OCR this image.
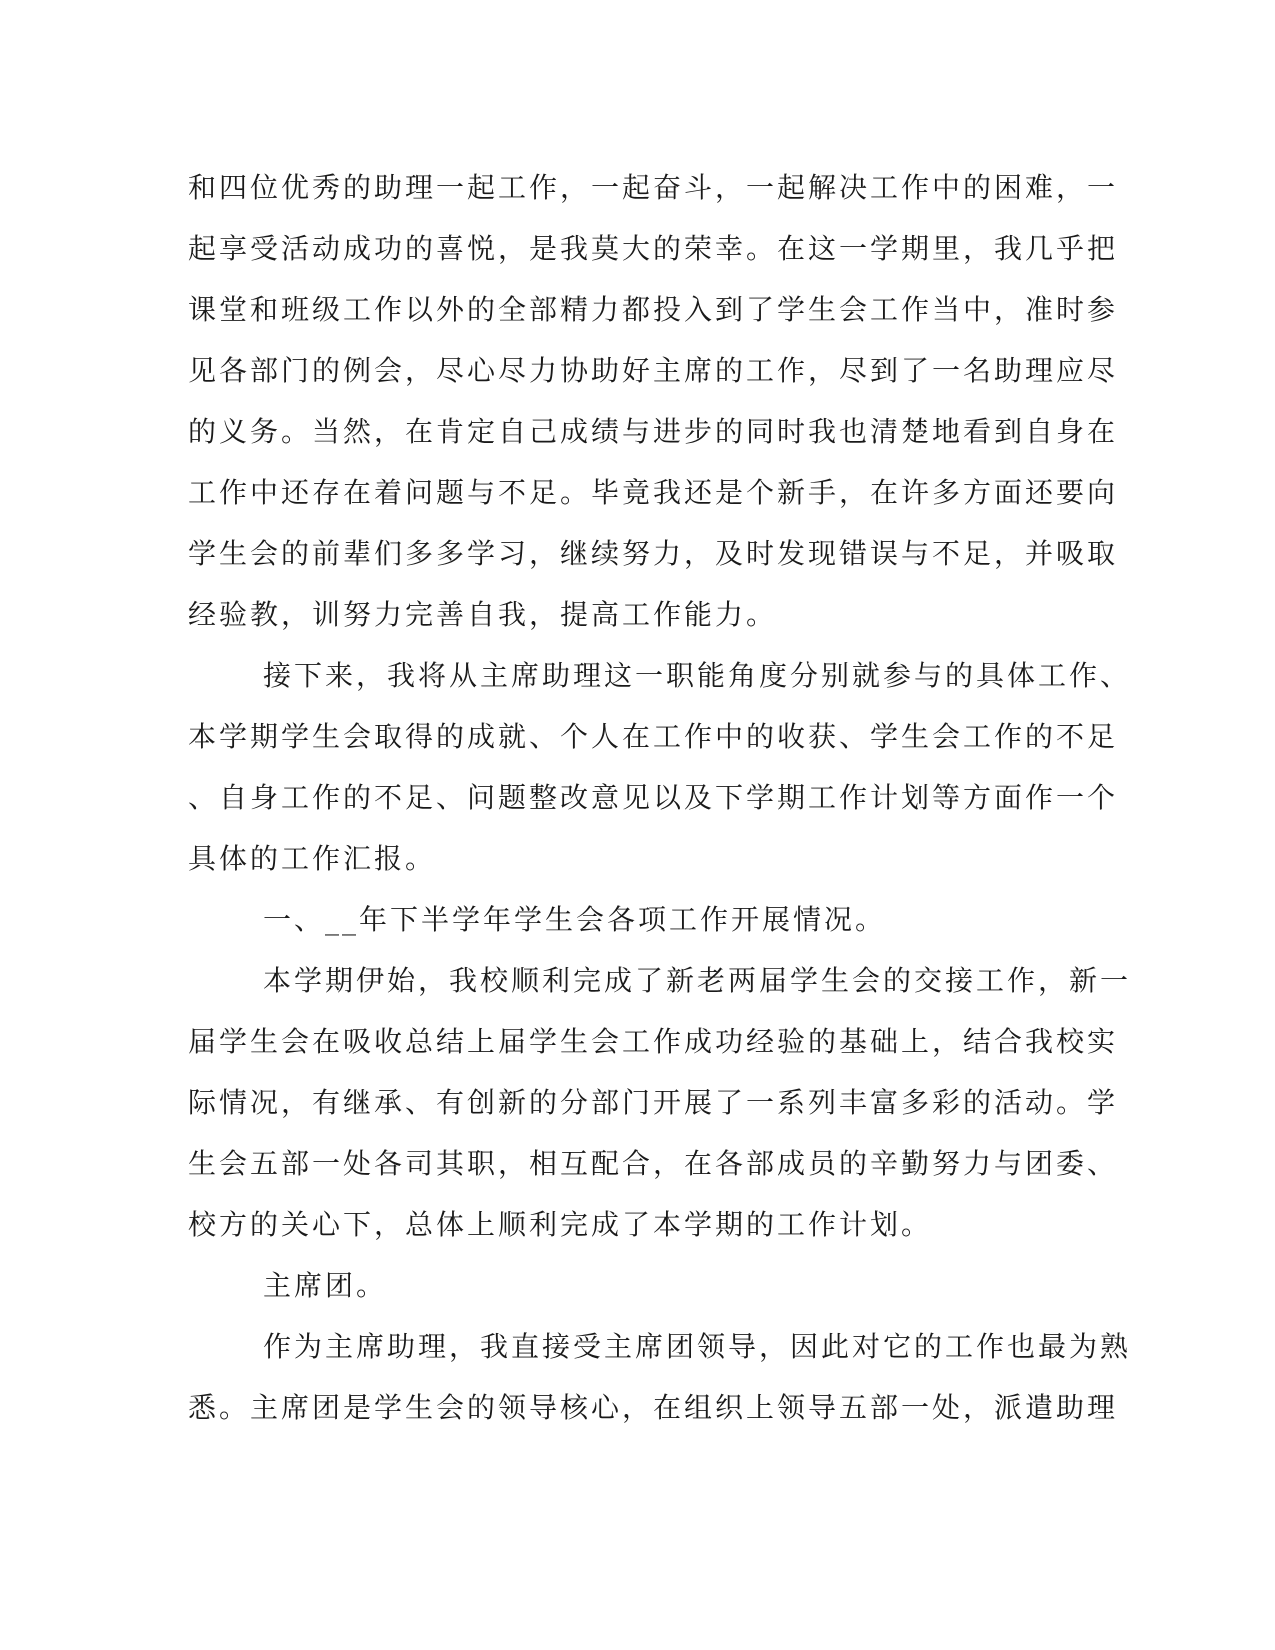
和四位优秀的助理一起工作，一起奋斗，一起解决工作中的困难，一
起享受活动成功的喜悦，是我莫大的荣幸。在这一学期里，我几乎把
课堂和班级工作以外的全部精力都投入到了学生会工作当中，准时参
见各部门的例会，尽心尽力协助好主席的工作，尽到了一名助理应尽
的义务。当然，在肯定自己成绩与进步的同时我也清楚地看到自身在
工作中还存在着问题与不足。毕竟我还是个新手，在许多方面还要向
学生会的前辈们多多学习，继续努力，及时发现错误与不足，并吸取
经验教，训努力完善自我，提高工作能力。
接下来，我将从主席助理这一职能角度分别就参与的具体工作、
本学期学生会取得的成就、个人在工作中的收获、学生会工作的不足
、自身工作的不足、问题整改意见以及下学期工作计划等方面作一个
具体的工作汇报。
一、__年下半学年学生会各项工作开展情况。
本学期伊始，我校顺利完成了新老两届学生会的交接工作，新一
届学生会在吸收总结上届学生会工作成功经验的基础上，结合我校实
际情况，有继承、有创新的分部门开展了一系列丰富多彩的活动。学
生会五部一处各司其职，相互配合，在各部成员的辛勤努力与团委、
校方的关心下，总体上顺利完成了本学期的工作计划。
主席团。
作为主席助理，我直接受主席团领导，因此对它的工作也最为熟
悉。主席团是学生会的领导核心，在组织上领导五部一处，派遣助理
